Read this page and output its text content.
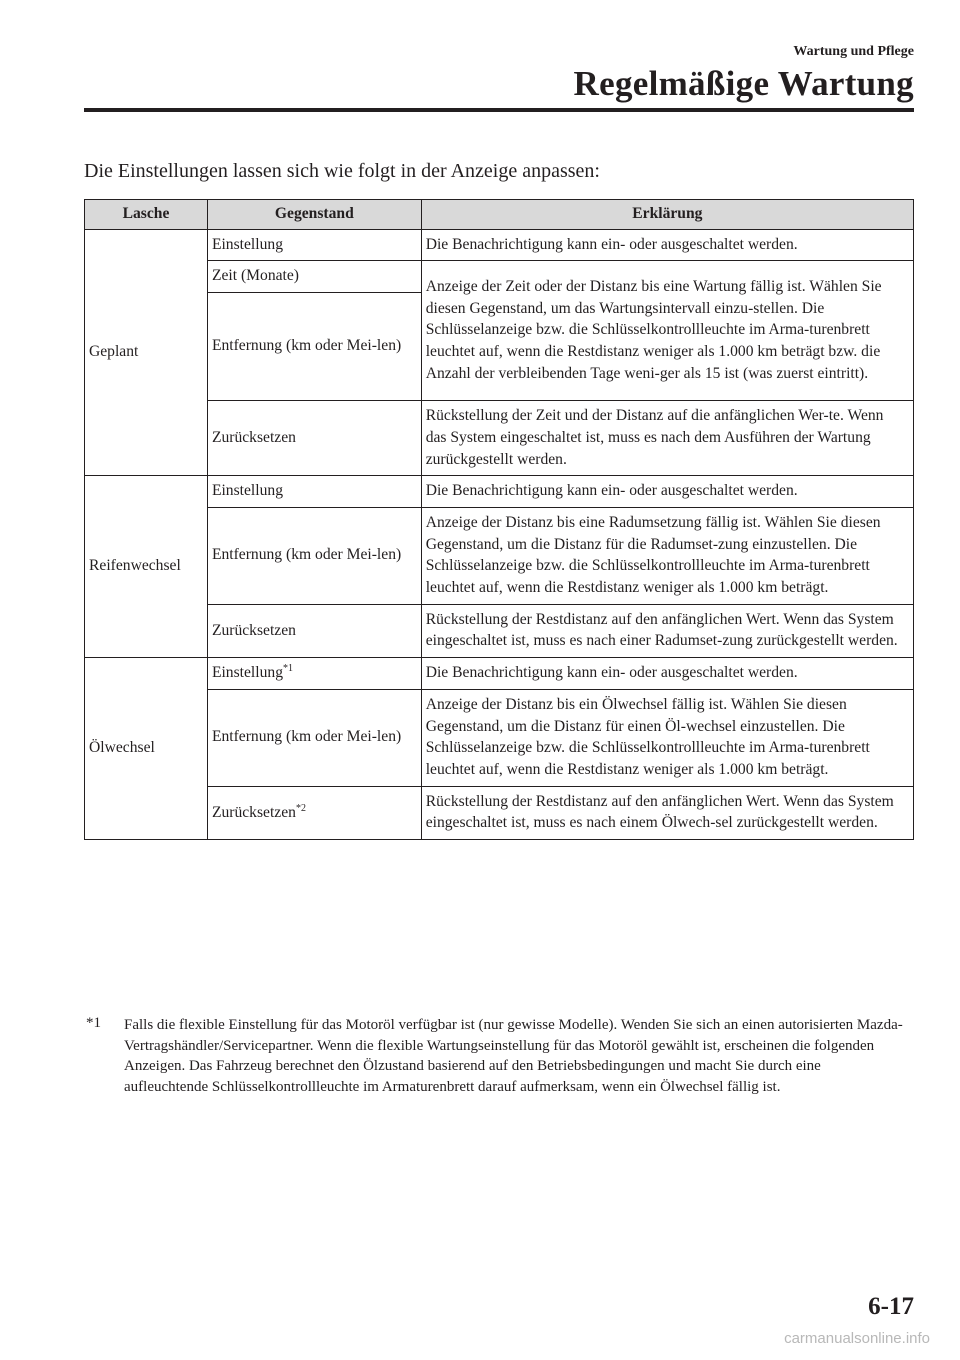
Wartung und Pflege
Regelmäßige Wartung
Die Einstellungen lassen sich wie folgt in der Anzeige anpassen:
Lasche	Gegenstand	Erklärung
Geplant	Einstellung	Die Benachrichtigung kann ein- oder ausgeschaltet werden.
	Zeit (Monate)	Anzeige der Zeit oder der Distanz bis eine Wartung fällig ist. Wählen Sie diesen Gegenstand, um das Wartungsintervall einzu-stellen. Die Schlüsselanzeige bzw. die Schlüsselkontrollleuchte im Arma-turenbrett leuchtet auf, wenn die Restdistanz weniger als 1.000 km beträgt bzw. die Anzahl der verbleibenden Tage weni-ger als 15 ist (was zuerst eintritt).
	Entfernung (km oder Mei-len)	
	Zurücksetzen	Rückstellung der Zeit und der Distanz auf die anfänglichen Wer-te. Wenn das System eingeschaltet ist, muss es nach dem Ausführen der Wartung zurückgestellt werden.
Reifenwechsel	Einstellung	Die Benachrichtigung kann ein- oder ausgeschaltet werden.
	Entfernung (km oder Mei-len)	Anzeige der Distanz bis eine Radumsetzung fällig ist. Wählen Sie diesen Gegenstand, um die Distanz für die Radumset-zung einzustellen. Die Schlüsselanzeige bzw. die Schlüsselkontrollleuchte im Arma-turenbrett leuchtet auf, wenn die Restdistanz weniger als 1.000 km beträgt.
	Zurücksetzen	Rückstellung der Restdistanz auf den anfänglichen Wert. Wenn das System eingeschaltet ist, muss es nach einer Radumset-zung zurückgestellt werden.
Ölwechsel	Einstellung$^{*1}$	Die Benachrichtigung kann ein- oder ausgeschaltet werden.
	Entfernung (km oder Mei-len)	Anzeige der Distanz bis ein Ölwechsel fällig ist. Wählen Sie diesen Gegenstand, um die Distanz für einen Öl-wechsel einzustellen. Die Schlüsselanzeige bzw. die Schlüsselkontrollleuchte im Arma-turenbrett leuchtet auf, wenn die Restdistanz weniger als 1.000 km beträgt.
	Zurücksetzen$^{*2}$	Rückstellung der Restdistanz auf den anfänglichen Wert. Wenn das System eingeschaltet ist, muss es nach einem Ölwech-sel zurückgestellt werden.
*1 Falls die flexible Einstellung für das Motoröl verfügbar ist (nur gewisse Modelle). Wenden Sie sich an einen autorisierten Mazda-Vertragshändler/Servicepartner. Wenn die flexible Wartungseinstellung für das Motoröl gewählt ist, erscheinen die folgenden Anzeigen. Das Fahrzeug berechnet den Ölzustand basierend auf den Betriebsbedingungen und macht Sie durch eine aufleuchtende Schlüsselkontrollleuchte im Armaturenbrett darauf aufmerksam, wenn ein Ölwechsel fällig ist.
6-17
carmanualsonline.info
